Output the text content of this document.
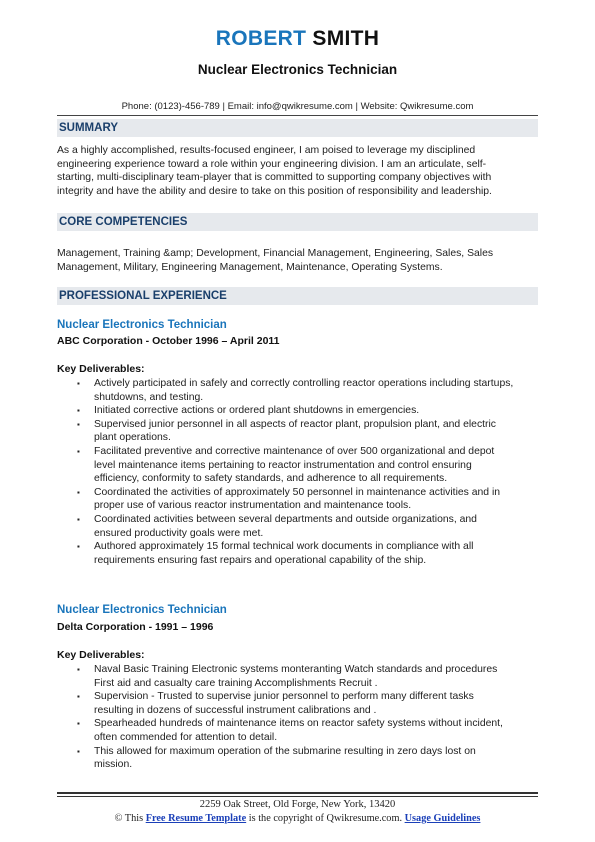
ROBERT SMITH
Nuclear Electronics Technician
Phone: (0123)-456-789 | Email: info@qwikresume.com | Website: Qwikresume.com
SUMMARY
As a highly accomplished, results-focused engineer, I am poised to leverage my disciplined
engineering experience toward a role within your engineering division. I am an articulate, self-
starting, multi-disciplinary team-player that is committed to supporting company objectives with
integrity and have the ability and desire to take on this position of responsibility and leadership.
CORE COMPETENCIES
Management, Training &amp; Development, Financial Management, Engineering, Sales, Sales
Management, Military, Engineering Management, Maintenance, Operating Systems.
PROFESSIONAL EXPERIENCE
Nuclear Electronics Technician
ABC Corporation - October 1996 – April 2011
Key Deliverables:
▪ Actively participated in safely and correctly controlling reactor operations including startups,
shutdowns, and testing.
▪ Initiated corrective actions or ordered plant shutdowns in emergencies.
▪ Supervised junior personnel in all aspects of reactor plant, propulsion plant, and electric
plant operations.
▪ Facilitated preventive and corrective maintenance of over 500 organizational and depot
level maintenance items pertaining to reactor instrumentation and control ensuring
efficiency, conformity to safety standards, and adherence to all requirements.
▪ Coordinated the activities of approximately 50 personnel in maintenance activities and in
proper use of various reactor instrumentation and maintenance tools.
▪ Coordinated activities between several departments and outside organizations, and
ensured productivity goals were met.
▪ Authored approximately 15 formal technical work documents in compliance with all
requirements ensuring fast repairs and operational capability of the ship.
Nuclear Electronics Technician
Delta Corporation - 1991 – 1996
Key Deliverables:
▪ Naval Basic Training Electronic systems monteranting Watch standards and procedures
First aid and casualty care training Accomplishments Recruit .
▪ Supervision - Trusted to supervise junior personnel to perform many different tasks
resulting in dozens of successful instrument calibrations and .
▪ Spearheaded hundreds of maintenance items on reactor safety systems without incident,
often commended for attention to detail.
▪ This allowed for maximum operation of the submarine resulting in zero days lost on
mission.
2259 Oak Street, Old Forge, New York, 13420
© This Free Resume Template is the copyright of Qwikresume.com. Usage Guidelines
